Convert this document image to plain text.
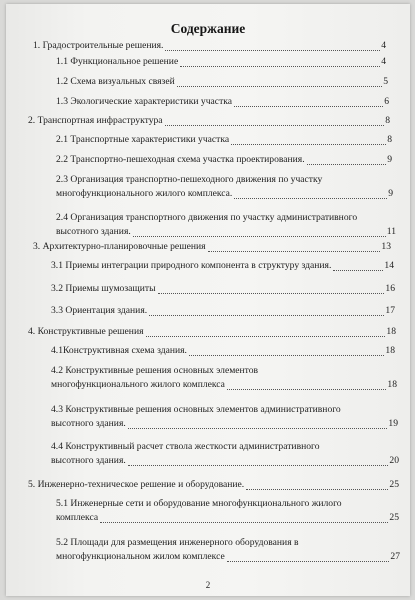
Содержание
1. Градостроительные решения.	4
1.1 Функциональное решение	4
1.2 Схема визуальных связей	5
1.3 Экологические характеристики участка	6
2. Транспортная инфраструктура	8
2.1 Транспортные характеристики участка	8
2.2 Транспортно-пешеходная схема участка проектирования.	9
2.3 Организация транспортно-пешеходного движения по участку
многофункционального жилого комплекса.	9
2.4 Организация транспортного движения по участку административного
высотного здания.	11
3. Архитектурно-планировочные решения	13
3.1 Приемы интеграции природного компонента в структуру здания.	14
3.2 Приемы шумозащиты	16
3.3 Ориентация здания.	17
4. Конструктивные решения	18
4.1Конструктивная схема здания.	18
4.2 Конструктивные решения основных элементов
многофункционального жилого комплекса	18
4.3 Конструктивные решения основных элементов административного
высотного здания.	19
4.4 Конструктивный расчет ствола жесткости административного
высотного здания.	20
5. Инженерно-техническое решение и оборудование.	25
5.1 Инженерные сети и оборудование многофункционального жилого
комплекса	25
5.2 Площади для размещения инженерного оборудования в
многофункциональном жилом комплексе	27
2
